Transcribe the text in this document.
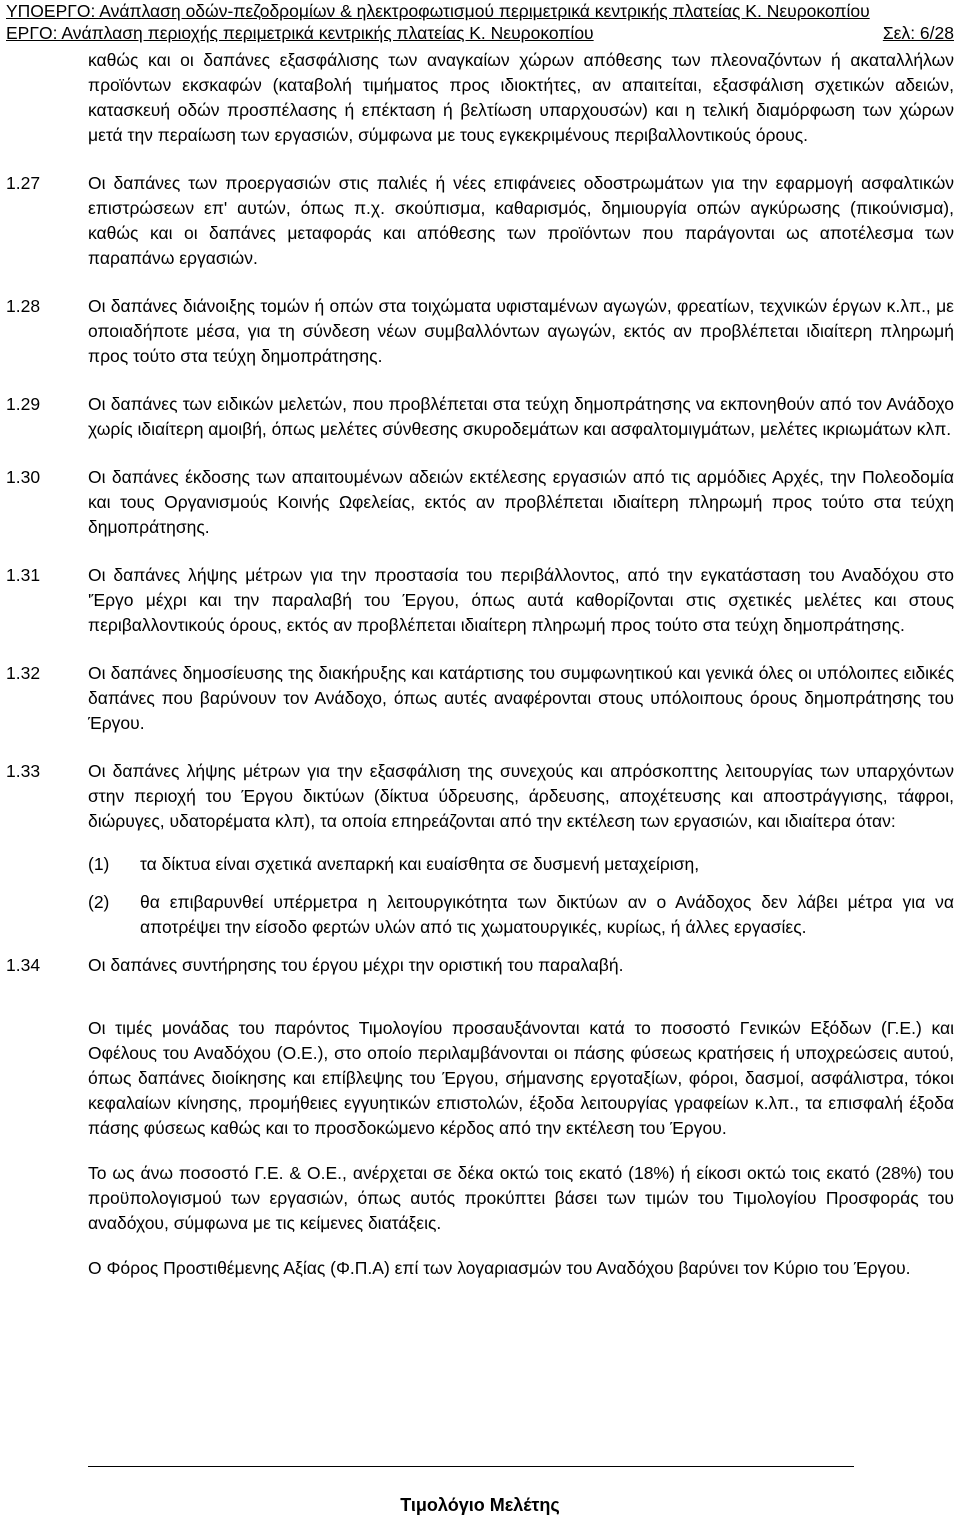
ΥΠΟΕΡΓΟ: Ανάπλαση οδών-πεζοδρομίων & ηλεκτροφωτισμού περιμετρικά κεντρικής πλατείας Κ. Νευροκοπίου
ΕΡΓΟ: Ανάπλαση περιοχής περιμετρικά κεντρικής πλατείας Κ. Νευροκοπίου	Σελ: 6/28
καθώς και οι δαπάνες εξασφάλισης των αναγκαίων χώρων απόθεσης των πλεοναζόντων ή ακαταλλήλων προϊόντων εκσκαφών (καταβολή τιμήματος προς ιδιοκτήτες, αν απαιτείται, εξασφάλιση σχετικών αδειών, κατασκευή οδών προσπέλασης ή επέκταση ή βελτίωση υπαρχουσών) και η τελική διαμόρφωση των χώρων μετά την περαίωση των εργασιών, σύμφωνα με τους εγκεκριμένους περιβαλλοντικούς όρους.
1.27	Οι δαπάνες των προεργασιών στις παλιές ή νέες επιφάνειες οδοστρωμάτων για την εφαρμογή ασφαλτικών επιστρώσεων επ' αυτών, όπως π.χ. σκούπισμα, καθαρισμός, δημιουργία οπών αγκύρωσης (πικούνισμα), καθώς και οι δαπάνες μεταφοράς και απόθεσης των προϊόντων που παράγονται ως αποτέλεσμα των παραπάνω εργασιών.
1.28	Οι δαπάνες διάνοιξης τομών ή οπών στα τοιχώματα υφισταμένων αγωγών, φρεατίων, τεχνικών έργων κ.λπ., με οποιαδήποτε μέσα, για τη σύνδεση νέων συμβαλλόντων αγωγών, εκτός αν προβλέπεται ιδιαίτερη πληρωμή προς τούτο στα τεύχη δημοπράτησης.
1.29	Οι δαπάνες των ειδικών μελετών, που προβλέπεται στα τεύχη δημοπράτησης να εκπονηθούν από τον Ανάδοχο χωρίς ιδιαίτερη αμοιβή, όπως μελέτες σύνθεσης σκυροδεμάτων και ασφαλτομιγμάτων, μελέτες ικριωμάτων κλπ.
1.30	Οι δαπάνες έκδοσης των απαιτουμένων αδειών εκτέλεσης εργασιών από τις αρμόδιες Αρχές, την Πολεοδομία και τους Οργανισμούς Κοινής Ωφελείας, εκτός αν προβλέπεται ιδιαίτερη πληρωμή προς τούτο στα τεύχη δημοπράτησης.
1.31	Οι δαπάνες λήψης μέτρων για την προστασία του περιβάλλοντος, από την εγκατάσταση του Αναδόχου στο 'Έργο μέχρι και την παραλαβή του Έργου, όπως αυτά καθορίζονται στις σχετικές μελέτες και στους περιβαλλοντικούς όρους, εκτός αν προβλέπεται ιδιαίτερη πληρωμή προς τούτο στα τεύχη δημοπράτησης.
1.32	Οι δαπάνες δημοσίευσης της διακήρυξης και κατάρτισης του συμφωνητικού και γενικά όλες οι υπόλοιπες ειδικές δαπάνες που βαρύνουν τον Ανάδοχο, όπως αυτές αναφέρονται στους υπόλοιπους όρους δημοπράτησης του Έργου.
1.33	Οι δαπάνες λήψης μέτρων για την εξασφάλιση της συνεχούς και απρόσκοπτης λειτουργίας των υπαρχόντων στην περιοχή του Έργου δικτύων (δίκτυα ύδρευσης, άρδευσης, αποχέτευσης και αποστράγγισης, τάφροι, διώρυγες, υδατορέματα κλπ), τα οποία επηρεάζονται από την εκτέλεση των εργασιών, και ιδιαίτερα όταν:
(1)	τα δίκτυα είναι σχετικά ανεπαρκή και ευαίσθητα σε δυσμενή μεταχείριση,
(2)	θα επιβαρυνθεί υπέρμετρα η λειτουργικότητα των δικτύων αν ο Ανάδοχος δεν λάβει μέτρα για να αποτρέψει την είσοδο φερτών υλών από τις χωματουργικές, κυρίως, ή άλλες εργασίες.
1.34	Οι δαπάνες συντήρησης του έργου μέχρι την οριστική του παραλαβή.
Οι τιμές μονάδας του παρόντος Τιμολογίου προσαυξάνονται κατά το ποσοστό Γενικών Εξόδων (Γ.Ε.) και Οφέλους του Αναδόχου (Ο.Ε.), στο οποίο περιλαμβάνονται οι πάσης φύσεως κρατήσεις ή υποχρεώσεις αυτού, όπως δαπάνες διοίκησης και επίβλεψης του Έργου, σήμανσης εργοταξίων, φόροι, δασμοί, ασφάλιστρα, τόκοι κεφαλαίων κίνησης, προμήθειες εγγυητικών επιστολών, έξοδα λειτουργίας γραφείων κ.λπ., τα επισφαλή έξοδα πάσης φύσεως καθώς και το προσδοκώμενο κέρδος από την εκτέλεση του Έργου.
Το ως άνω ποσοστό Γ.Ε. & Ο.Ε., ανέρχεται σε δέκα οκτώ τοις εκατό (18%) ή είκοσι οκτώ τοις εκατό (28%) του προϋπολογισμού των εργασιών, όπως αυτός προκύπτει βάσει των τιμών του Τιμολογίου Προσφοράς του αναδόχου, σύμφωνα με τις κείμενες διατάξεις.
Ο Φόρος Προστιθέμενης Αξίας (Φ.Π.Α) επί των λογαριασμών του Αναδόχου βαρύνει τον Κύριο του Έργου.
Τιμολόγιο Μελέτης
